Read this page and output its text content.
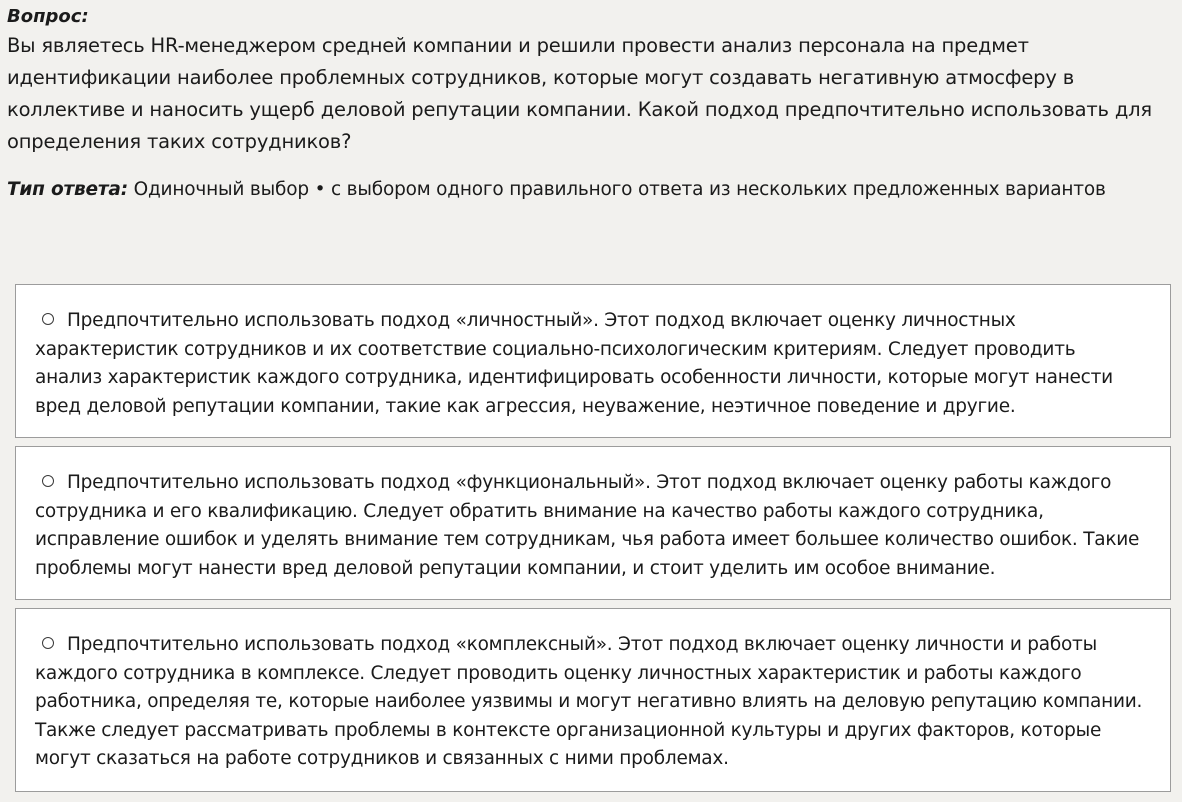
Вопрос:

Вы являетесь HR-менеджером средней компании и решили провести анализ персонала на предмет идентификации наиболее проблемных сотрудников, которые могут создавать негативную атмосферу в коллективе и наносить ущерб деловой репутации компании. Какой подход предпочтительно использовать для определения таких сотрудников?

Тип ответа: Одиночный выбор • с выбором одного правильного ответа из нескольких предложенных вариантов

Предпочтительно использовать подход «личностный». Этот подход включает оценку личностных характеристик сотрудников и их соответствие социально-психологическим критериям. Следует проводить анализ характеристик каждого сотрудника, идентифицировать особенности личности, которые могут нанести вред деловой репутации компании, такие как агрессия, неуважение, неэтичное поведение и другие.

Предпочтительно использовать подход «функциональный». Этот подход включает оценку работы каждого сотрудника и его квалификацию. Следует обратить внимание на качество работы каждого сотрудника, исправление ошибок и уделять внимание тем сотрудникам, чья работа имеет большее количество ошибок. Такие проблемы могут нанести вред деловой репутации компании, и стоит уделить им особое внимание.

Предпочтительно использовать подход «комплексный». Этот подход включает оценку личности и работы каждого сотрудника в комплексе. Следует проводить оценку личностных характеристик и работы каждого работника, определяя те, которые наиболее уязвимы и могут негативно влиять на деловую репутацию компании. Также следует рассматривать проблемы в контексте организационной культуры и других факторов, которые могут сказаться на работе сотрудников и связанных с ними проблемах.
